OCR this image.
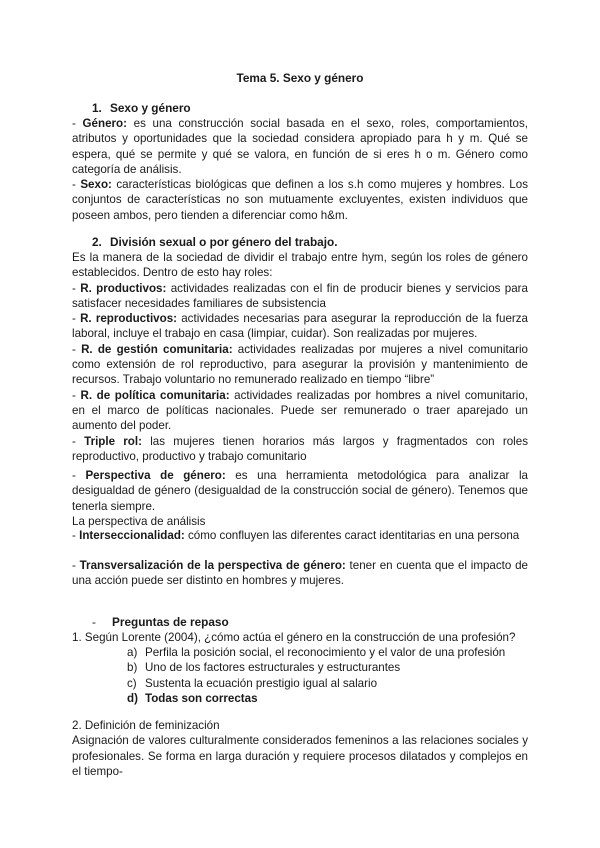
Tema 5. Sexo y género
1. Sexo y género

- Género: es una construcción social basada en el sexo, roles, comportamientos, atributos y oportunidades que la sociedad considera apropiado para h y m. Qué se espera, qué se permite y qué se valora, en función de si eres h o m. Género como categoría de análisis.

- Sexo: características biológicas que definen a los s.h como mujeres y hombres. Los conjuntos de características no son mutuamente excluyentes, existen individuos que poseen ambos, pero tienden a diferenciar como h&m.

2. División sexual o por género del trabajo.

Es la manera de la sociedad de dividir el trabajo entre hym, según los roles de género establecidos. Dentro de esto hay roles:

- R. productivos: actividades realizadas con el fin de producir bienes y servicios para satisfacer necesidades familiares de subsistencia

- R. reproductivos: actividades necesarias para asegurar la reproducción de la fuerza laboral, incluye el trabajo en casa (limpiar, cuidar). Son realizadas por mujeres.

- R. de gestión comunitaria: actividades realizadas por mujeres a nivel comunitario como extensión de rol reproductivo, para asegurar la provisión y mantenimiento de recursos. Trabajo voluntario no remunerado realizado en tiempo “libre”

- R. de política comunitaria: actividades realizadas por hombres a nivel comunitario, en el marco de políticas nacionales. Puede ser remunerado o traer aparejado un aumento del poder.

- Triple rol: las mujeres tienen horarios más largos y fragmentados con roles reproductivo, productivo y trabajo comunitario

- Perspectiva de género: es una herramienta metodológica para analizar la desigualdad de género (desigualdad de la construcción social de género). Tenemos que tenerla siempre.

La perspectiva de análisis

- Interseccionalidad: cómo confluyen las diferentes caract identitarias en una persona

- Transversalización de la perspectiva de género: tener en cuenta que el impacto de una acción puede ser distinto en hombres y mujeres.

- Preguntas de repaso

1. Según Lorente (2004), ¿cómo actúa el género en la construcción de una profesión?

a) Perfila la posición social, el reconocimiento y el valor de una profesión
b) Uno de los factores estructurales y estructurantes
c) Sustenta la ecuación prestigio igual al salario
d) Todas son correctas

2. Definición de feminización

Asignación de valores culturalmente considerados femeninos a las relaciones sociales y profesionales. Se forma en larga duración y requiere procesos dilatados y complejos en el tiempo-
